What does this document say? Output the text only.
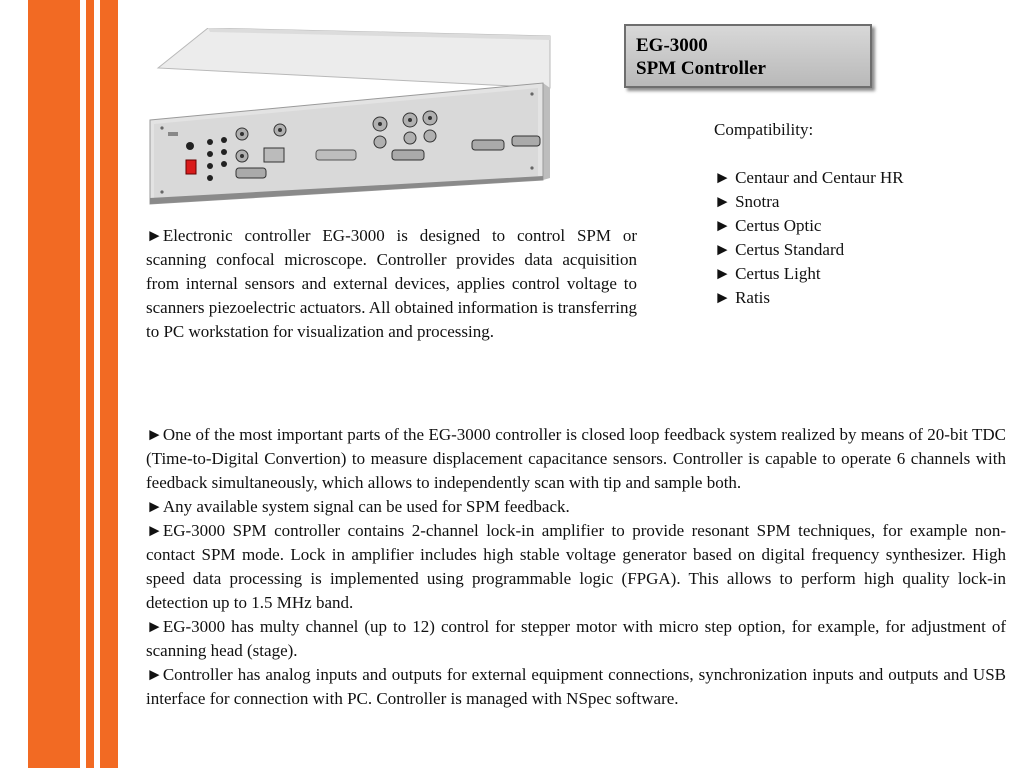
EG-3000
SPM Controller
Compatibility:
► Centaur and Centaur HR
► Snotra
► Certus Optic
► Certus Standard
► Certus Light
► Ratis
►Electronic controller EG-3000 is designed to control SPM or scanning confocal microscope. Controller provides data acquisition from internal sensors and external devices, applies control voltage to scanners piezoelectric actuators. All obtained information is transferring to PC workstation for visualization and processing.

►One of the most important parts of the EG-3000 controller is closed loop feedback system realized by means of 20-bit TDC (Time-to-Digital Convertion) to measure displacement capacitance sensors. Controller is capable to operate 6 channels with feedback simultaneously, which allows to independently scan with tip and sample both.

►Any available system signal can be used for SPM feedback.

►EG-3000 SPM controller contains 2-channel lock-in amplifier to provide resonant SPM techniques, for example non-contact SPM mode. Lock in amplifier includes high stable voltage generator based on digital frequency synthesizer. High speed data processing is implemented using programmable logic (FPGA). This allows to perform high quality lock-in detection up to 1.5 MHz band.

►EG-3000 has multy channel (up to 12) control for stepper motor with micro step option, for example, for adjustment of scanning head (stage).

►Controller has analog inputs and outputs for external equipment connections, synchronization inputs and outputs and USB interface for connection with PC. Controller is managed with NSpec software.
